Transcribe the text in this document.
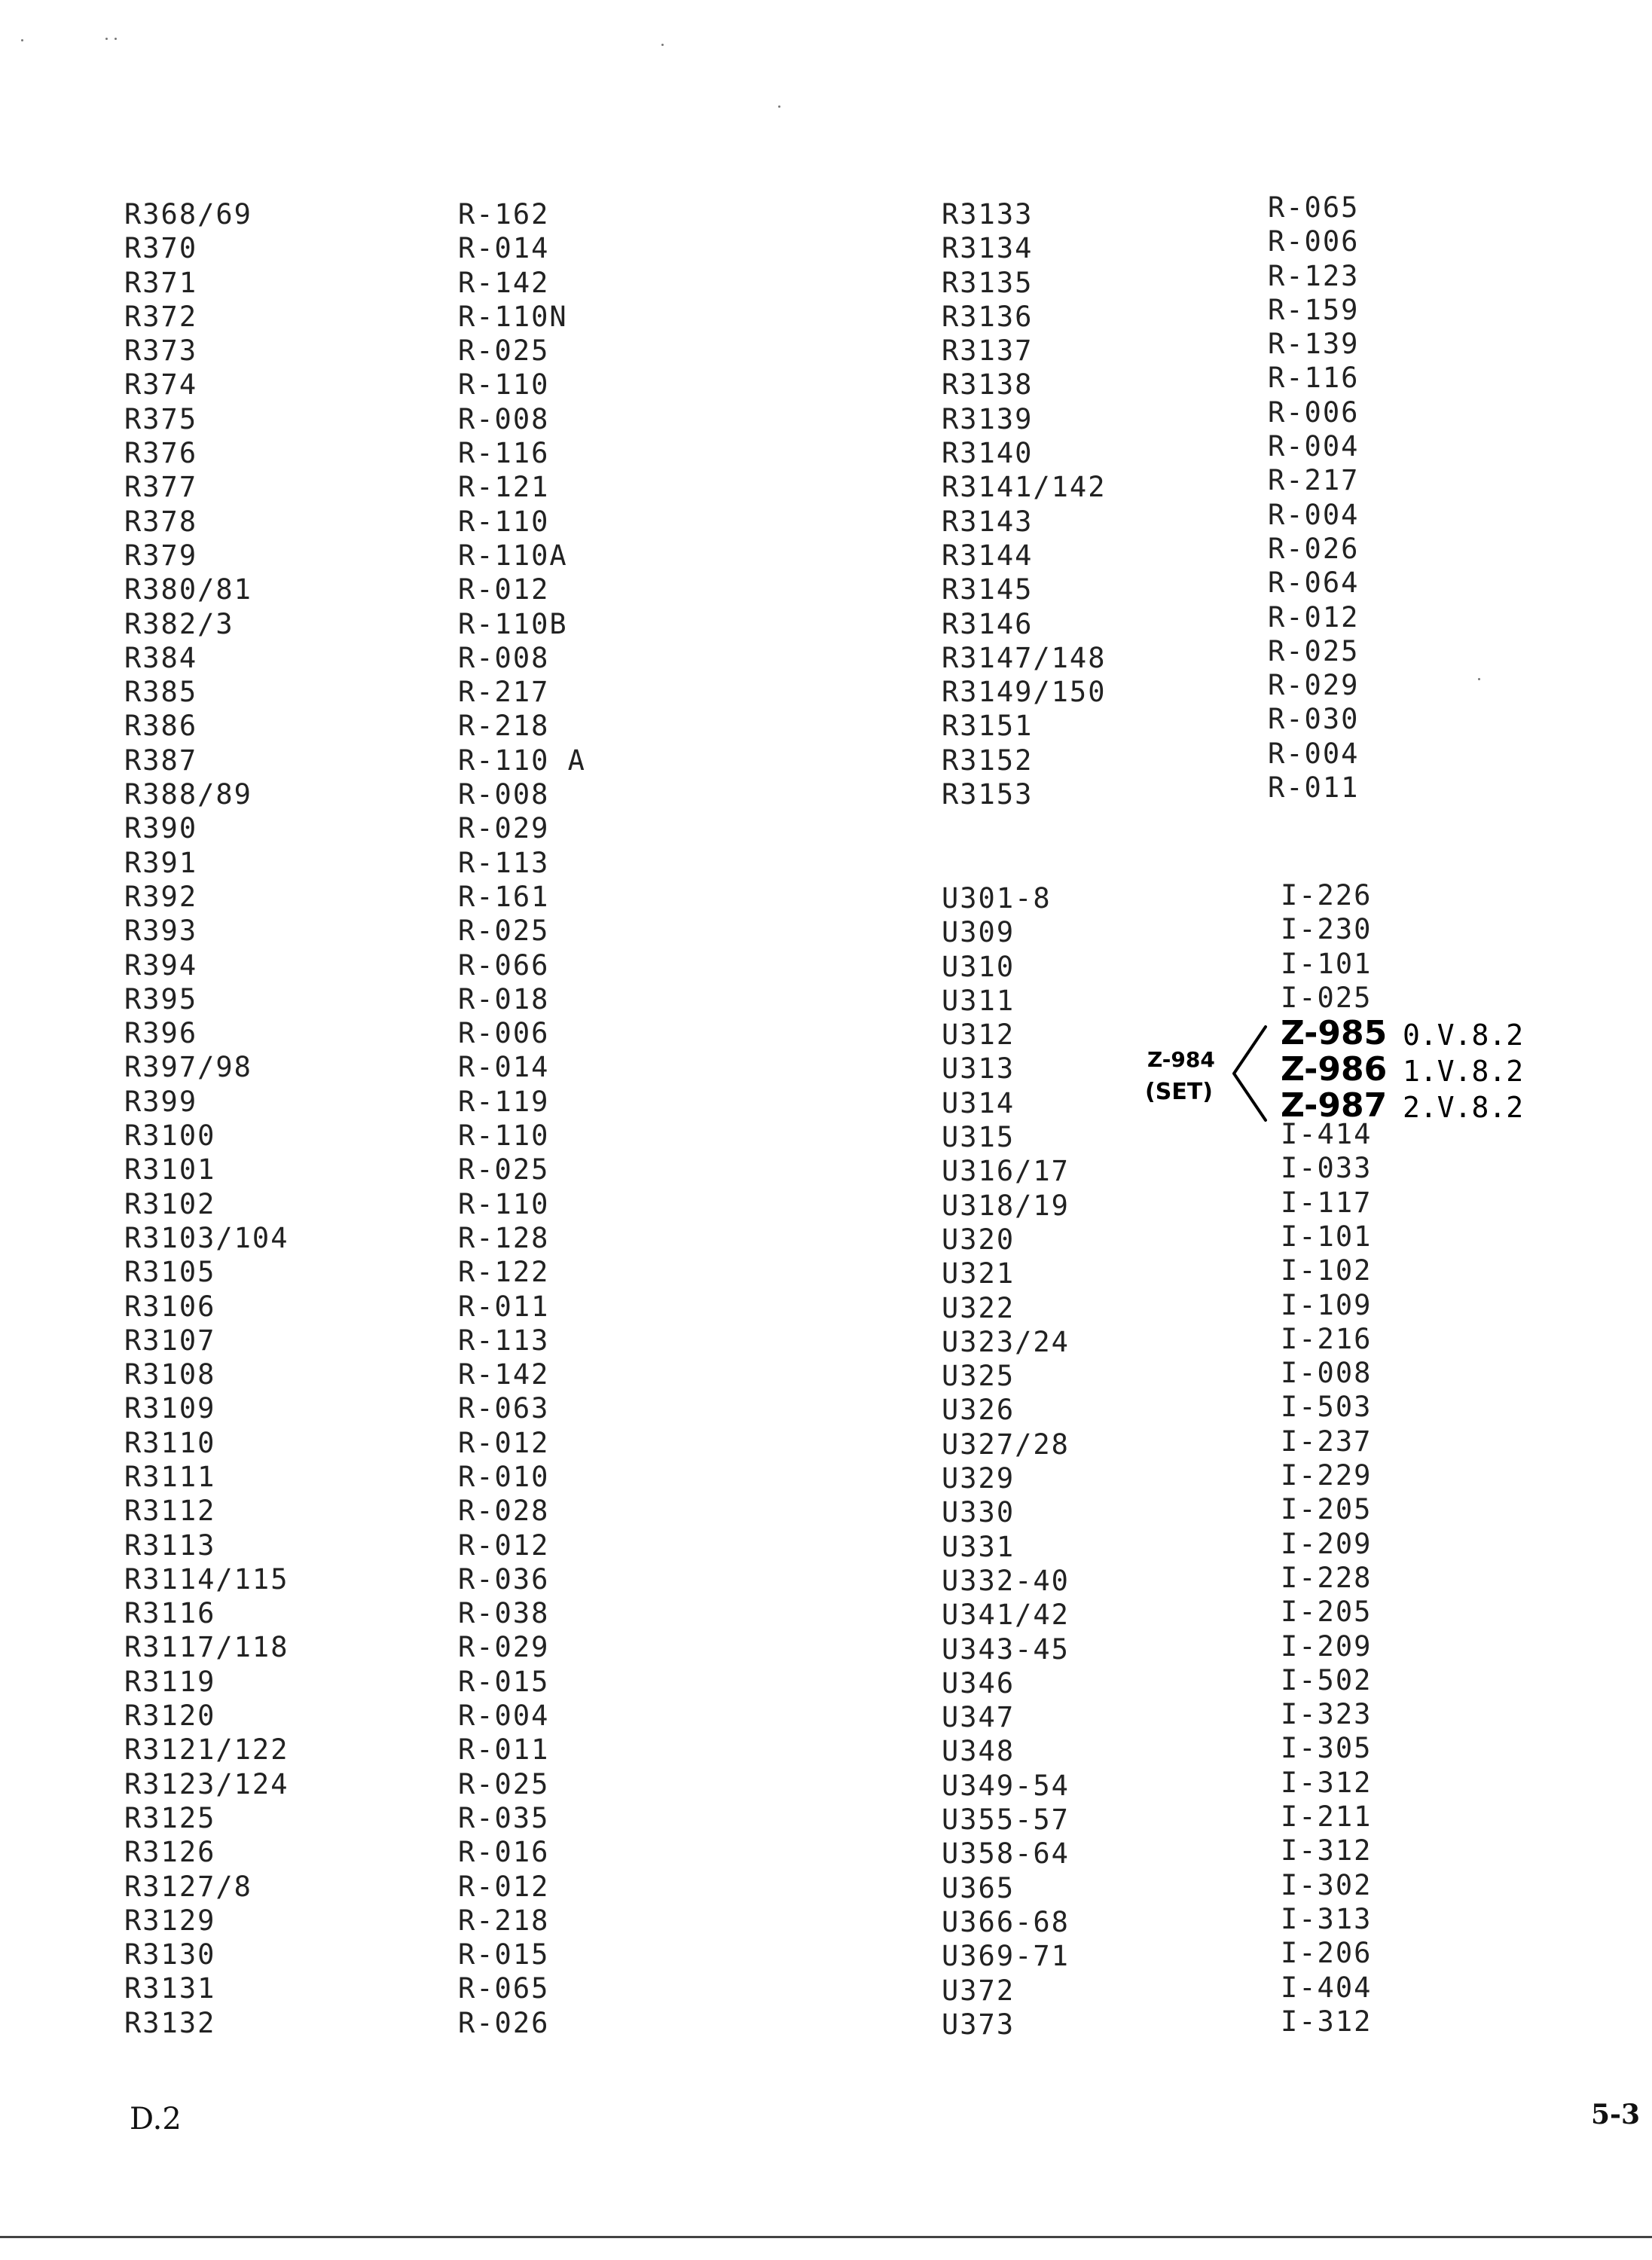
R368/69
R370
R371
R372
R373
R374
R375
R376
R377
R378
R379
R380/81
R382/3
R384
R385
R386
R387
R388/89
R390
R391
R392
R393
R394
R395
R396
R397/98
R399
R3100
R3101
R3102
R3103/104
R3105
R3106
R3107
R3108
R3109
R3110
R3111
R3112
R3113
R3114/115
R3116
R3117/118
R3119
R3120
R3121/122
R3123/124
R3125
R3126
R3127/8
R3129
R3130
R3131
R3132
R-162
R-014
R-142
R-110N
R-025
R-110
R-008
R-116
R-121
R-110
R-110A
R-012
R-110B
R-008
R-217
R-218
R-110 A
R-008
R-029
R-113
R-161
R-025
R-066
R-018
R-006
R-014
R-119
R-110
R-025
R-110
R-128
R-122
R-011
R-113
R-142
R-063
R-012
R-010
R-028
R-012
R-036
R-038
R-029
R-015
R-004
R-011
R-025
R-035
R-016
R-012
R-218
R-015
R-065
R-026
R3133
R3134
R3135
R3136
R3137
R3138
R3139
R3140
R3141/142
R3143
R3144
R3145
R3146
R3147/148
R3149/150
R3151
R3152
R3153
R-065
R-006
R-123
R-159
R-139
R-116
R-006
R-004
R-217
R-004
R-026
R-064
R-012
R-025
R-029
R-030
R-004
R-011
U301-8
U309
U310
U311
U312
U313
U314
U315
U316/17
U318/19
U320
U321
U322
U323/24
U325
U326
U327/28
U329
U330
U331
U332-40
U341/42
U343-45
U346
U347
U348
U349-54
U355-57
U358-64
U365
U366-68
U369-71
U372
U373
I-226
I-230
I-101
I-025
I-414
I-033
I-117
I-101
I-102
I-109
I-216
I-008
I-503
I-237
I-229
I-205
I-209
I-228
I-205
I-209
I-502
I-323
I-305
I-312
I-211
I-312
I-302
I-313
I-206
I-404
I-312
Z-984
(SET)
Z-985
Z-986
Z-987
0.V.8.2
1.V.8.2
2.V.8.2
D.2	5-3
